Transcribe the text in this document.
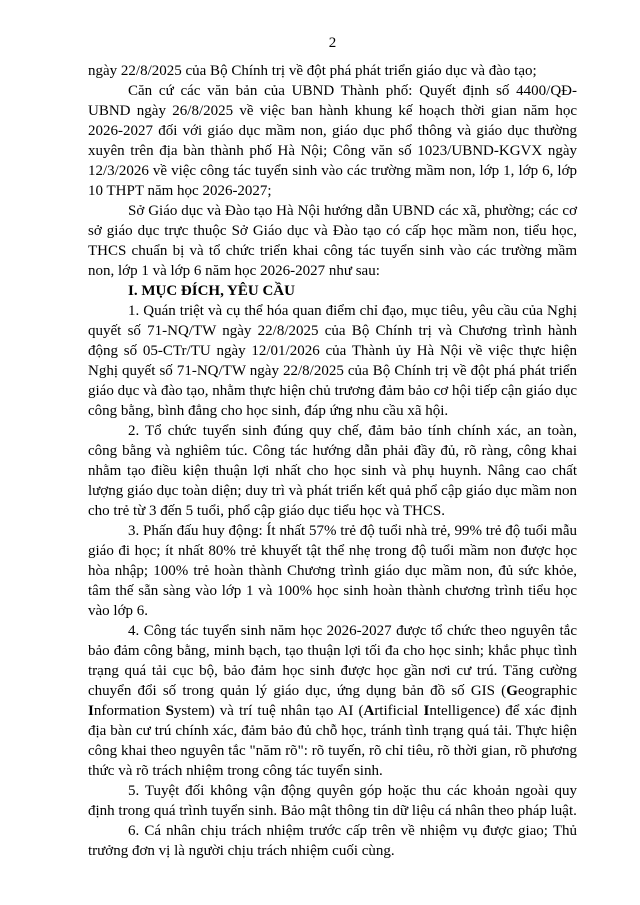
2

ngày 22/8/2025 của Bộ Chính trị về đột phá phát triển giáo dục và đào tạo;

Căn cứ các văn bản của UBND Thành phố: Quyết định số 4400/QĐ-UBND ngày 26/8/2025 về việc ban hành khung kế hoạch thời gian năm học 2026-2027 đối với giáo dục mầm non, giáo dục phổ thông và giáo dục thường xuyên trên địa bàn thành phố Hà Nội; Công văn số 1023/UBND-KGVX ngày 12/3/2026 về việc công tác tuyển sinh vào các trường mầm non, lớp 1, lớp 6, lớp 10 THPT năm học 2026-2027;

Sở Giáo dục và Đào tạo Hà Nội hướng dẫn UBND các xã, phường; các cơ sở giáo dục trực thuộc Sở Giáo dục và Đào tạo có cấp học mầm non, tiểu học, THCS chuẩn bị và tổ chức triển khai công tác tuyển sinh vào các trường mầm non, lớp 1 và lớp 6 năm học 2026-2027 như sau:

I. MỤC ĐÍCH, YÊU CẦU

1. Quán triệt và cụ thể hóa quan điểm chỉ đạo, mục tiêu, yêu cầu của Nghị quyết số 71-NQ/TW ngày 22/8/2025 của Bộ Chính trị và Chương trình hành động số 05-CTr/TU ngày 12/01/2026 của Thành ủy Hà Nội về việc thực hiện Nghị quyết số 71-NQ/TW ngày 22/8/2025 của Bộ Chính trị về đột phá phát triển giáo dục và đào tạo, nhằm thực hiện chủ trương đảm bảo cơ hội tiếp cận giáo dục công bằng, bình đẳng cho học sinh, đáp ứng nhu cầu xã hội.

2. Tổ chức tuyển sinh đúng quy chế, đảm bảo tính chính xác, an toàn, công bằng và nghiêm túc. Công tác hướng dẫn phải đầy đủ, rõ ràng, công khai nhằm tạo điều kiện thuận lợi nhất cho học sinh và phụ huynh. Nâng cao chất lượng giáo dục toàn diện; duy trì và phát triển kết quả phổ cập giáo dục mầm non cho trẻ từ 3 đến 5 tuổi, phổ cập giáo dục tiểu học và THCS.

3. Phấn đấu huy động: Ít nhất 57% trẻ độ tuổi nhà trẻ, 99% trẻ độ tuổi mẫu giáo đi học; ít nhất 80% trẻ khuyết tật thể nhẹ trong độ tuổi mầm non được học hòa nhập; 100% trẻ hoàn thành Chương trình giáo dục mầm non, đủ sức khỏe, tâm thế sẵn sàng vào lớp 1 và 100% học sinh hoàn thành chương trình tiểu học vào lớp 6.

4. Công tác tuyển sinh năm học 2026-2027 được tổ chức theo nguyên tắc bảo đảm công bằng, minh bạch, tạo thuận lợi tối đa cho học sinh; khắc phục tình trạng quá tải cục bộ, bảo đảm học sinh được học gần nơi cư trú. Tăng cường chuyển đổi số trong quản lý giáo dục, ứng dụng bản đồ số GIS (Geographic Information System) và trí tuệ nhân tạo AI (Artificial Intelligence) để xác định địa bàn cư trú chính xác, đảm bảo đủ chỗ học, tránh tình trạng quá tải. Thực hiện công khai theo nguyên tắc "năm rõ": rõ tuyến, rõ chỉ tiêu, rõ thời gian, rõ phương thức và rõ trách nhiệm trong công tác tuyển sinh.

5. Tuyệt đối không vận động quyên góp hoặc thu các khoản ngoài quy định trong quá trình tuyển sinh. Bảo mật thông tin dữ liệu cá nhân theo pháp luật.

6. Cá nhân chịu trách nhiệm trước cấp trên về nhiệm vụ được giao; Thủ trưởng đơn vị là người chịu trách nhiệm cuối cùng.
